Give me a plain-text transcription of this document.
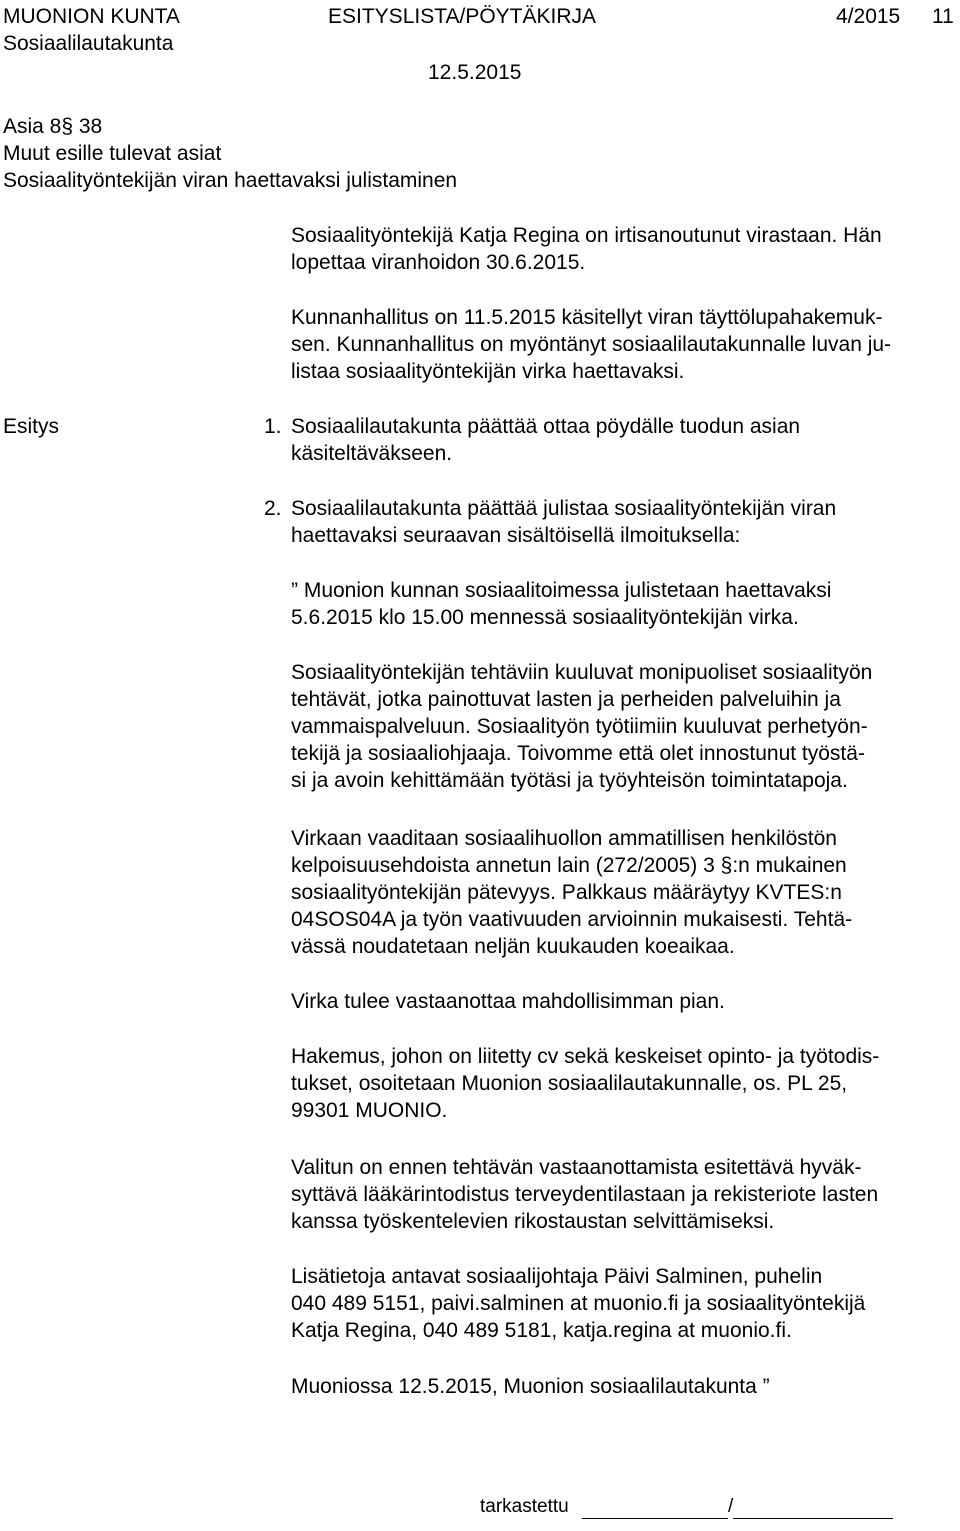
MUONION KUNTA	ESITYSLISTA/PÖYTÄKIRJA	4/2015 11
Sosiaalilautakunta
12.5.2015
Asia 8§ 38
Muut esille tulevat asiat
Sosiaalityöntekijän viran haettavaksi julistaminen
Sosiaalityöntekijä Katja Regina on irtisanoutunut virastaan. Hän
lopettaa viranhoidon 30.6.2015.
Kunnanhallitus on 11.5.2015 käsitellyt viran täyttölupahakemuk-
sen. Kunnanhallitus on myöntänyt sosiaalilautakunnalle luvan ju-
listaa sosiaalityöntekijän virka haettavaksi.
Esitys	1. Sosiaalilautakunta päättää ottaa pöydälle tuodun asian
käsiteltäväkseen.
2. Sosiaalilautakunta päättää julistaa sosiaalityöntekijän viran
haettavaksi seuraavan sisältöisellä ilmoituksella:
” Muonion kunnan sosiaalitoimessa julistetaan haettavaksi
5.6.2015 klo 15.00 mennessä sosiaalityöntekijän virka.
Sosiaalityöntekijän tehtäviin kuuluvat monipuoliset sosiaalityön
tehtävät, jotka painottuvat lasten ja perheiden palveluihin ja
vammaispalveluun. Sosiaalityön työtiimiin kuuluvat perhetyön-
tekijä ja sosiaaliohjaaja. Toivomme että olet innostunut työstä-
si ja avoin kehittämään työtäsi ja työyhteisön toimintatapoja.
Virkaan vaaditaan sosiaalihuollon ammatillisen henkilöstön
kelpoisuusehdoista annetun lain (272/2005) 3 §:n mukainen
sosiaalityöntekijän pätevyys. Palkkaus määräytyy KVTES:n
04SOS04A ja työn vaativuuden arvioinnin mukaisesti. Tehtä-
vässä noudatetaan neljän kuukauden koeaikaa.
Virka tulee vastaanottaa mahdollisimman pian.
Hakemus, johon on liitetty cv sekä keskeiset opinto- ja työtodis-
tukset, osoitetaan Muonion sosiaalilautakunnalle, os. PL 25,
99301 MUONIO.
Valitun on ennen tehtävän vastaanottamista esitettävä hyväk-
syttävä lääkärintodistus terveydentilastaan ja rekisteriote lasten
kanssa työskentelevien rikostaustan selvittämiseksi.
Lisätietoja antavat sosiaalijohtaja Päivi Salminen, puhelin
040 489 5151, paivi.salminen at muonio.fi ja sosiaalityöntekijä
Katja Regina, 040 489 5181, katja.regina at muonio.fi.
Muoniossa 12.5.2015, Muonion sosiaalilautakunta ”
tarkastettu	/
